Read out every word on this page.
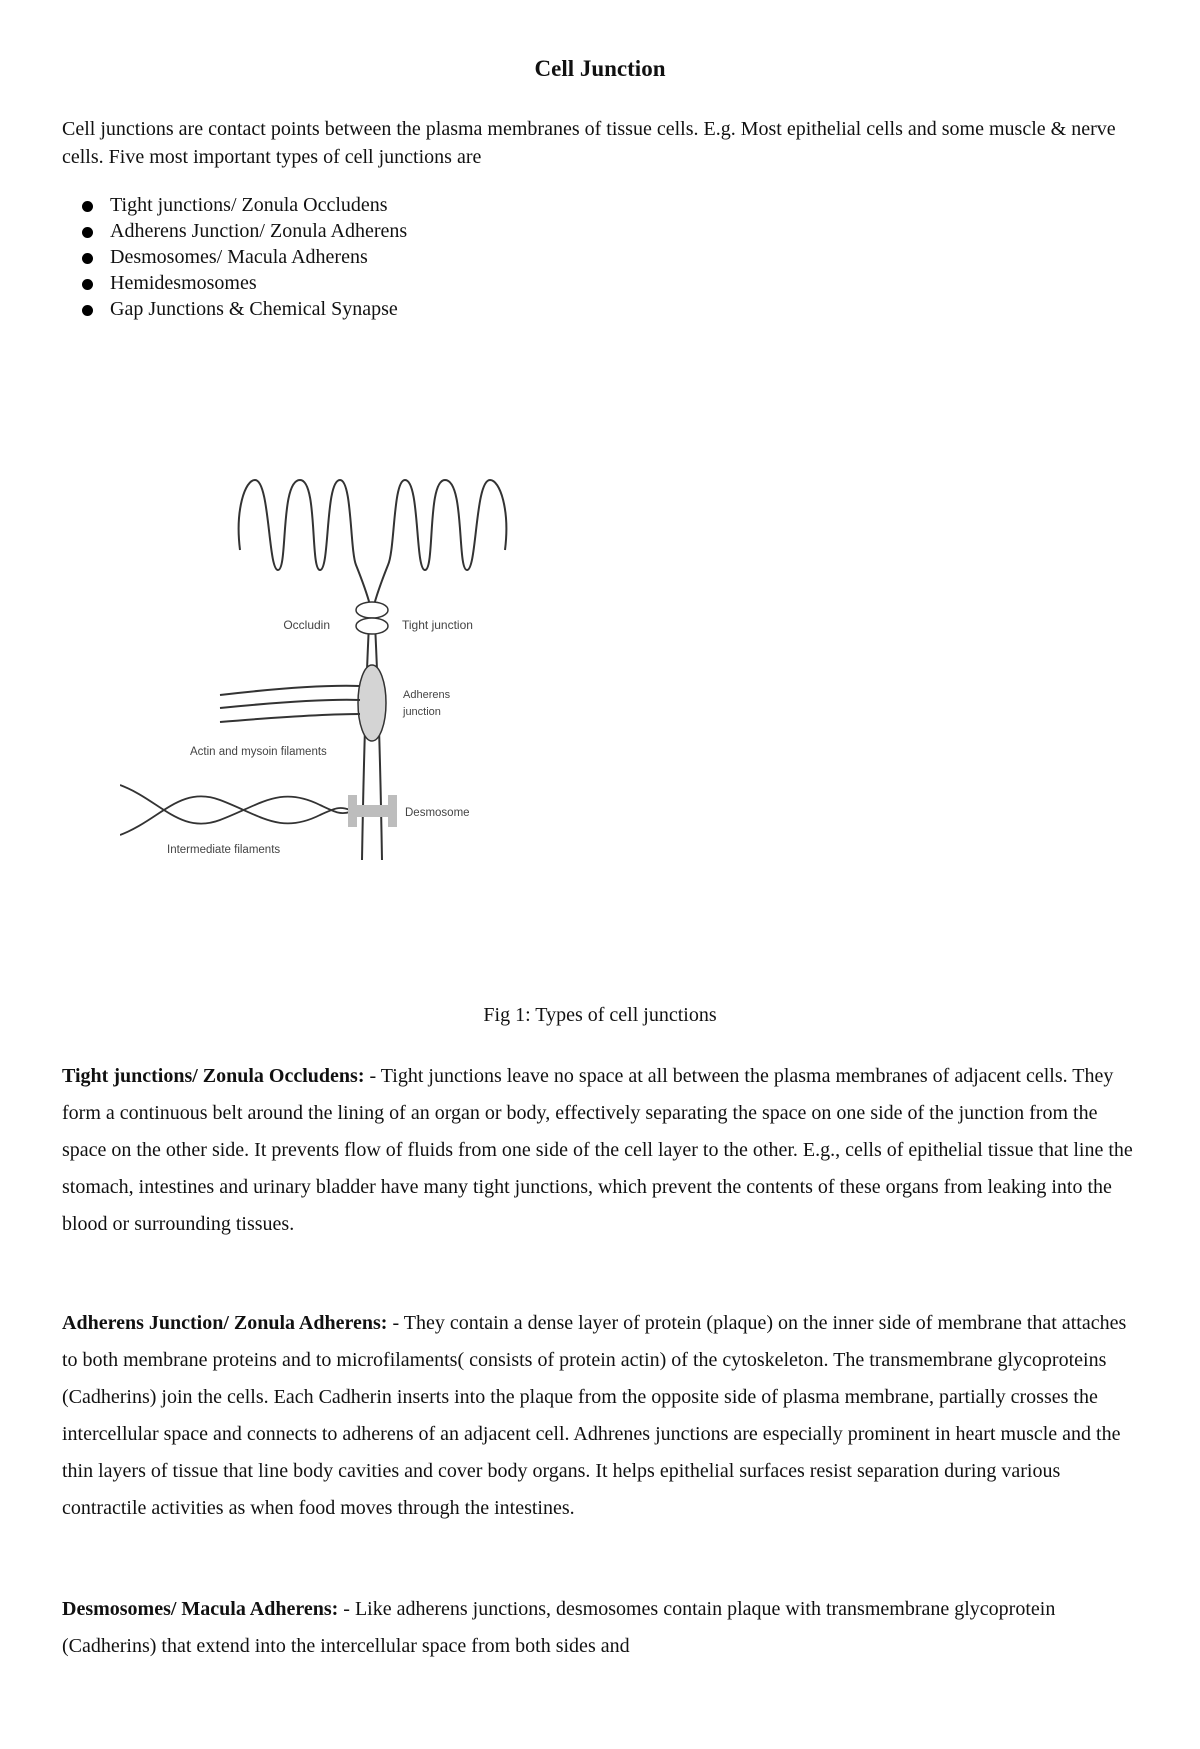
Cell Junction
Cell junctions are contact points between the plasma membranes of tissue cells. E.g. Most epithelial cells and some muscle & nerve cells. Five most important types of cell junctions are
Tight junctions/ Zonula Occludens
Adherens Junction/ Zonula Adherens
Desmosomes/ Macula Adherens
Hemidesmosomes
Gap Junctions & Chemical Synapse
Occludin	Tight junction
Adherens
junction
Actin and mysoin filaments
Desmosome
Intermediate filaments
Fig 1: Types of cell junctions

Tight junctions/ Zonula Occludens: - Tight junctions leave no space at all between the plasma membranes of adjacent cells. They form a continuous belt around the lining of an organ or body, effectively separating the space on one side of the junction from the space on the other side. It prevents flow of fluids from one side of the cell layer to the other. E.g., cells of epithelial tissue that line the stomach, intestines and urinary bladder have many tight junctions, which prevent the contents of these organs from leaking into the blood or surrounding tissues.

Adherens Junction/ Zonula Adherens: - They contain a dense layer of protein (plaque) on the inner side of membrane that attaches to both membrane proteins and to microfilaments( consists of protein actin) of the cytoskeleton. The transmembrane glycoproteins (Cadherins) join the cells. Each Cadherin inserts into the plaque from the opposite side of plasma membrane, partially crosses the intercellular space and connects to adherens of an adjacent cell. Adhrenes junctions are especially prominent in heart muscle and the thin layers of tissue that line body cavities and cover body organs. It helps epithelial surfaces resist separation during various contractile activities as when food moves through the intestines.

Desmosomes/ Macula Adherens: - Like adherens junctions, desmosomes contain plaque with transmembrane glycoprotein (Cadherins) that extend into the intercellular space from both sides and
